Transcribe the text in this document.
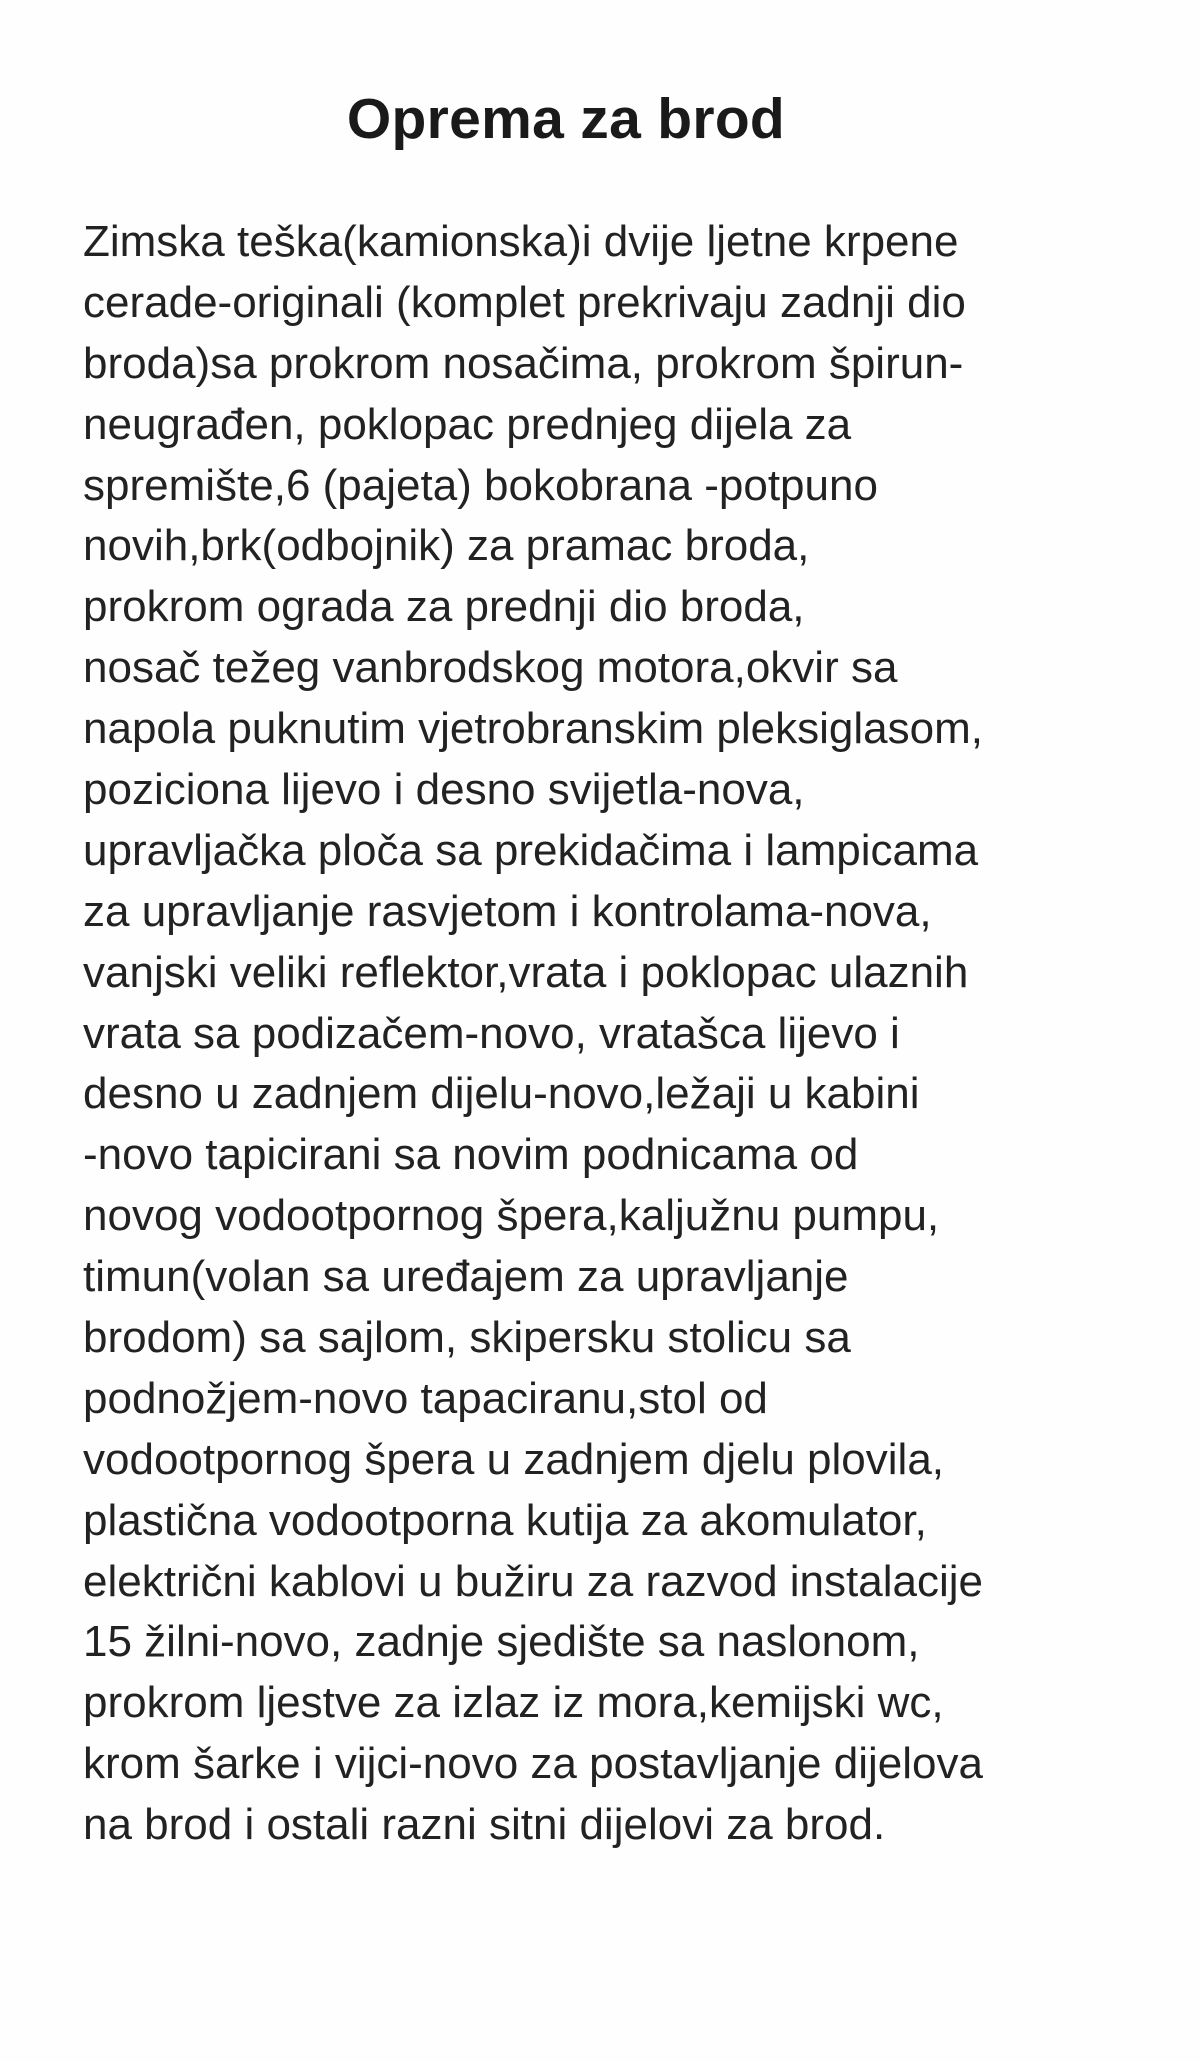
Oprema za brod
Zimska teška(kamionska)i dvije ljetne krpene
cerade-originali (komplet prekrivaju zadnji dio
broda)sa prokrom nosačima, prokrom špirun-
neugrađen, poklopac prednjeg dijela za
spremište,6 (pajeta) bokobrana -potpuno
novih,brk(odbojnik) za pramac broda,
prokrom ograda za prednji dio broda,
nosač težeg vanbrodskog motora,okvir sa
napola puknutim vjetrobranskim pleksiglasom,
poziciona lijevo i desno svijetla-nova,
upravljačka ploča sa prekidačima i lampicama
za upravljanje rasvjetom i kontrolama-nova,
vanjski veliki reflektor,vrata i poklopac ulaznih
vrata sa podizačem-novo, vratašca lijevo i
desno u zadnjem dijelu-novo,ležaji u kabini
-novo tapicirani sa novim podnicama od
novog vodootpornog špera,kaljužnu pumpu,
timun(volan sa uređajem za upravljanje
brodom) sa sajlom, skipersku stolicu sa
podnožjem-novo tapaciranu,stol od
vodootpornog špera u zadnjem djelu plovila,
plastična vodootporna kutija za akomulator,
električni kablovi u bužiru za razvod instalacije
15 žilni-novo, zadnje sjedište sa naslonom,
prokrom ljestve za izlaz iz mora,kemijski wc,
krom šarke i vijci-novo za postavljanje dijelova
na brod i ostali razni sitni dijelovi za brod.
